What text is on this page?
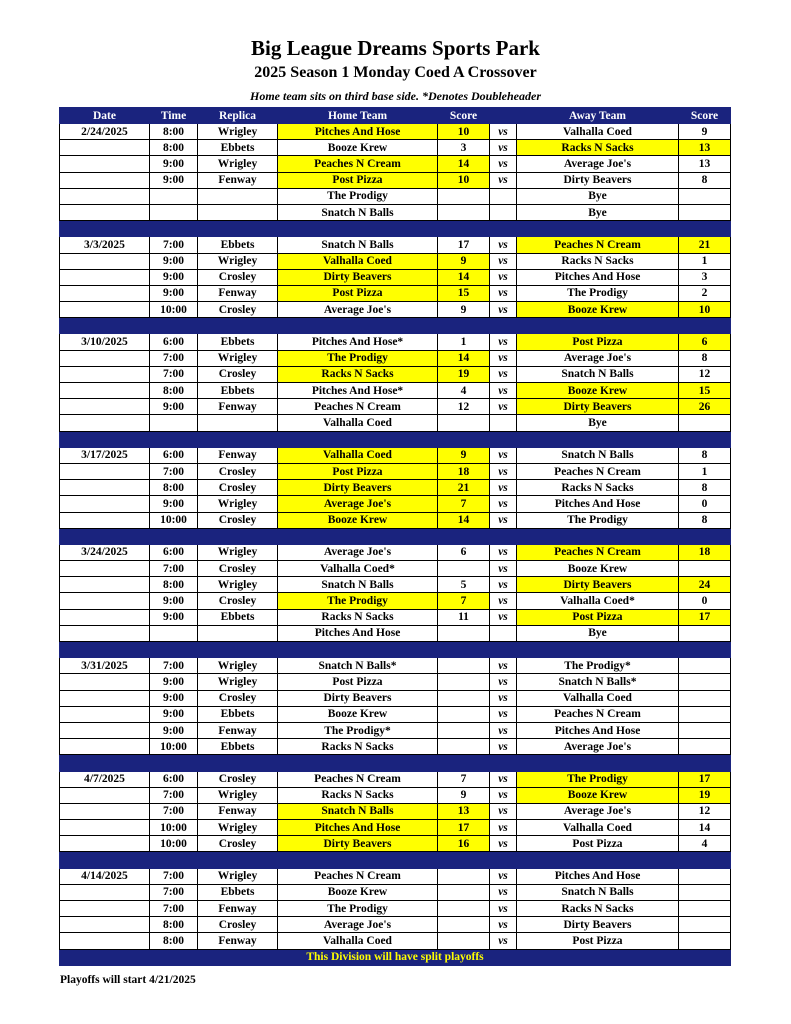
Big League Dreams Sports Park
2025 Season 1 Monday Coed A Crossover
Home team sits on third base side. *Denotes Doubleheader
Date	Time	Replica	Home Team	Score		Away Team	Score
2/24/2025	8:00	Wrigley	Pitches And Hose	10	vs	Valhalla Coed	9
	8:00	Ebbets	Booze Krew	3	vs	Racks N Sacks	13
	9:00	Wrigley	Peaches N Cream	14	vs	Average Joe's	13
	9:00	Fenway	Post Pizza	10	vs	Dirty Beavers	8
			The Prodigy			Bye	
			Snatch N Balls			Bye	

3/3/2025	7:00	Ebbets	Snatch N Balls	17	vs	Peaches N Cream	21
	9:00	Wrigley	Valhalla Coed	9	vs	Racks N Sacks	1
	9:00	Crosley	Dirty Beavers	14	vs	Pitches And Hose	3
	9:00	Fenway	Post Pizza	15	vs	The Prodigy	2
	10:00	Crosley	Average Joe's	9	vs	Booze Krew	10

3/10/2025	6:00	Ebbets	Pitches And Hose*	1	vs	Post Pizza	6
	7:00	Wrigley	The Prodigy	14	vs	Average Joe's	8
	7:00	Crosley	Racks N Sacks	19	vs	Snatch N Balls	12
	8:00	Ebbets	Pitches And Hose*	4	vs	Booze Krew	15
	9:00	Fenway	Peaches N Cream	12	vs	Dirty Beavers	26
			Valhalla Coed			Bye	

3/17/2025	6:00	Fenway	Valhalla Coed	9	vs	Snatch N Balls	8
	7:00	Crosley	Post Pizza	18	vs	Peaches N Cream	1
	8:00	Crosley	Dirty Beavers	21	vs	Racks N Sacks	8
	9:00	Wrigley	Average Joe's	7	vs	Pitches And Hose	0
	10:00	Crosley	Booze Krew	14	vs	The Prodigy	8

3/24/2025	6:00	Wrigley	Average Joe's	6	vs	Peaches N Cream	18
	7:00	Crosley	Valhalla Coed*		vs	Booze Krew	
	8:00	Wrigley	Snatch N Balls	5	vs	Dirty Beavers	24
	9:00	Crosley	The Prodigy	7	vs	Valhalla Coed*	0
	9:00	Ebbets	Racks N Sacks	11	vs	Post Pizza	17
			Pitches And Hose			Bye	

3/31/2025	7:00	Wrigley	Snatch N Balls*		vs	The Prodigy*	
	9:00	Wrigley	Post Pizza		vs	Snatch N Balls*	
	9:00	Crosley	Dirty Beavers		vs	Valhalla Coed	
	9:00	Ebbets	Booze Krew		vs	Peaches N Cream	
	9:00	Fenway	The Prodigy*		vs	Pitches And Hose	
	10:00	Ebbets	Racks N Sacks		vs	Average Joe's	

4/7/2025	6:00	Crosley	Peaches N Cream	7	vs	The Prodigy	17
	7:00	Wrigley	Racks N Sacks	9	vs	Booze Krew	19
	7:00	Fenway	Snatch N Balls	13	vs	Average Joe's	12
	10:00	Wrigley	Pitches And Hose	17	vs	Valhalla Coed	14
	10:00	Crosley	Dirty Beavers	16	vs	Post Pizza	4

4/14/2025	7:00	Wrigley	Peaches N Cream		vs	Pitches And Hose	
	7:00	Ebbets	Booze Krew		vs	Snatch N Balls	
	7:00	Fenway	The Prodigy		vs	Racks N Sacks	
	8:00	Crosley	Average Joe's		vs	Dirty Beavers	
	8:00	Fenway	Valhalla Coed		vs	Post Pizza	
This Division will have split playoffs							
Playoffs will start 4/21/2025
